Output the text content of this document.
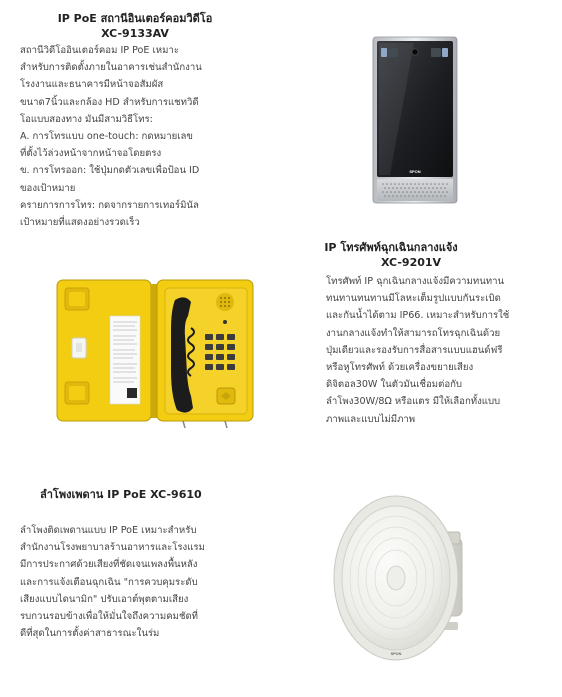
IP PoE สถานีอินเตอร์คอมวิดีโอ
XC-9133AV
สถานีวิดีโออินเตอร์คอม IP PoE เหมาะ
สำหรับการติดตั้งภายในอาคารเช่นสำนักงาน
โรงงานและธนาคารมีหน้าจอสัมผัส
ขนาด7นิ้วและกล้อง HD สำหรับการแชทวิดี
โอแบบสองทาง มันมีสามวิธีโทร:
A. การโทรแบบ one-touch: กดหมายเลข
ที่ตั้งไว้ล่วงหน้าจากหน้าจอโดยตรง
ข. การโทรออก: ใช้ปุ่มกดตัวเลขเพื่อป้อน ID
ของเป้าหมาย
ครายการการโทร: กดจากรายการเทอร์มินัล
เป้าหมายที่แสดงอย่างรวดเร็ว
SPON
IP โทรศัพท์ฉุกเฉินกลางแจ้ง
XC-9201V
โทรศัพท์ IP ฉุกเฉินกลางแจ้งมีความทนทาน
ทนทานทนทานมีโลหะเต็มรูปแบบกันระเบิด
และกันน้ำได้ตาม IP66. เหมาะสำหรับการใช้
งานกลางแจ้งทำให้สามารถโทรฉุกเฉินด้วย
ปุ่มเดียวและรองรับการสื่อสารแบบแฮนด์ฟรี
หรือหูโทรศัพท์ ด้วยเครื่องขยายเสียง
ดิจิตอล30W ในตัวมันเชื่อมต่อกับ
ลำโพง30W/8Ω หรือแตร มีให้เลือกทั้งแบบ
ภาพและแบบไม่มีภาพ
ลำโพงเพดาน IP PoE XC-9610
ลำโพงติดเพดานแบบ IP PoE เหมาะสำหรับ
สำนักงานโรงพยาบาลร้านอาหารและโรงแรม
มีการประกาศด้วยเสียงที่ชัดเจนเพลงพื้นหลัง
และการแจ้งเตือนฉุกเฉิน "การควบคุมระดับ
เสียงแบบไดนามิก" ปรับเอาต์พุตตามเสียง
รบกวนรอบข้างเพื่อให้มั่นใจถึงความคมชัดที่
ดีที่สุดในการตั้งค่าสาธารณะในร่ม
SPON
